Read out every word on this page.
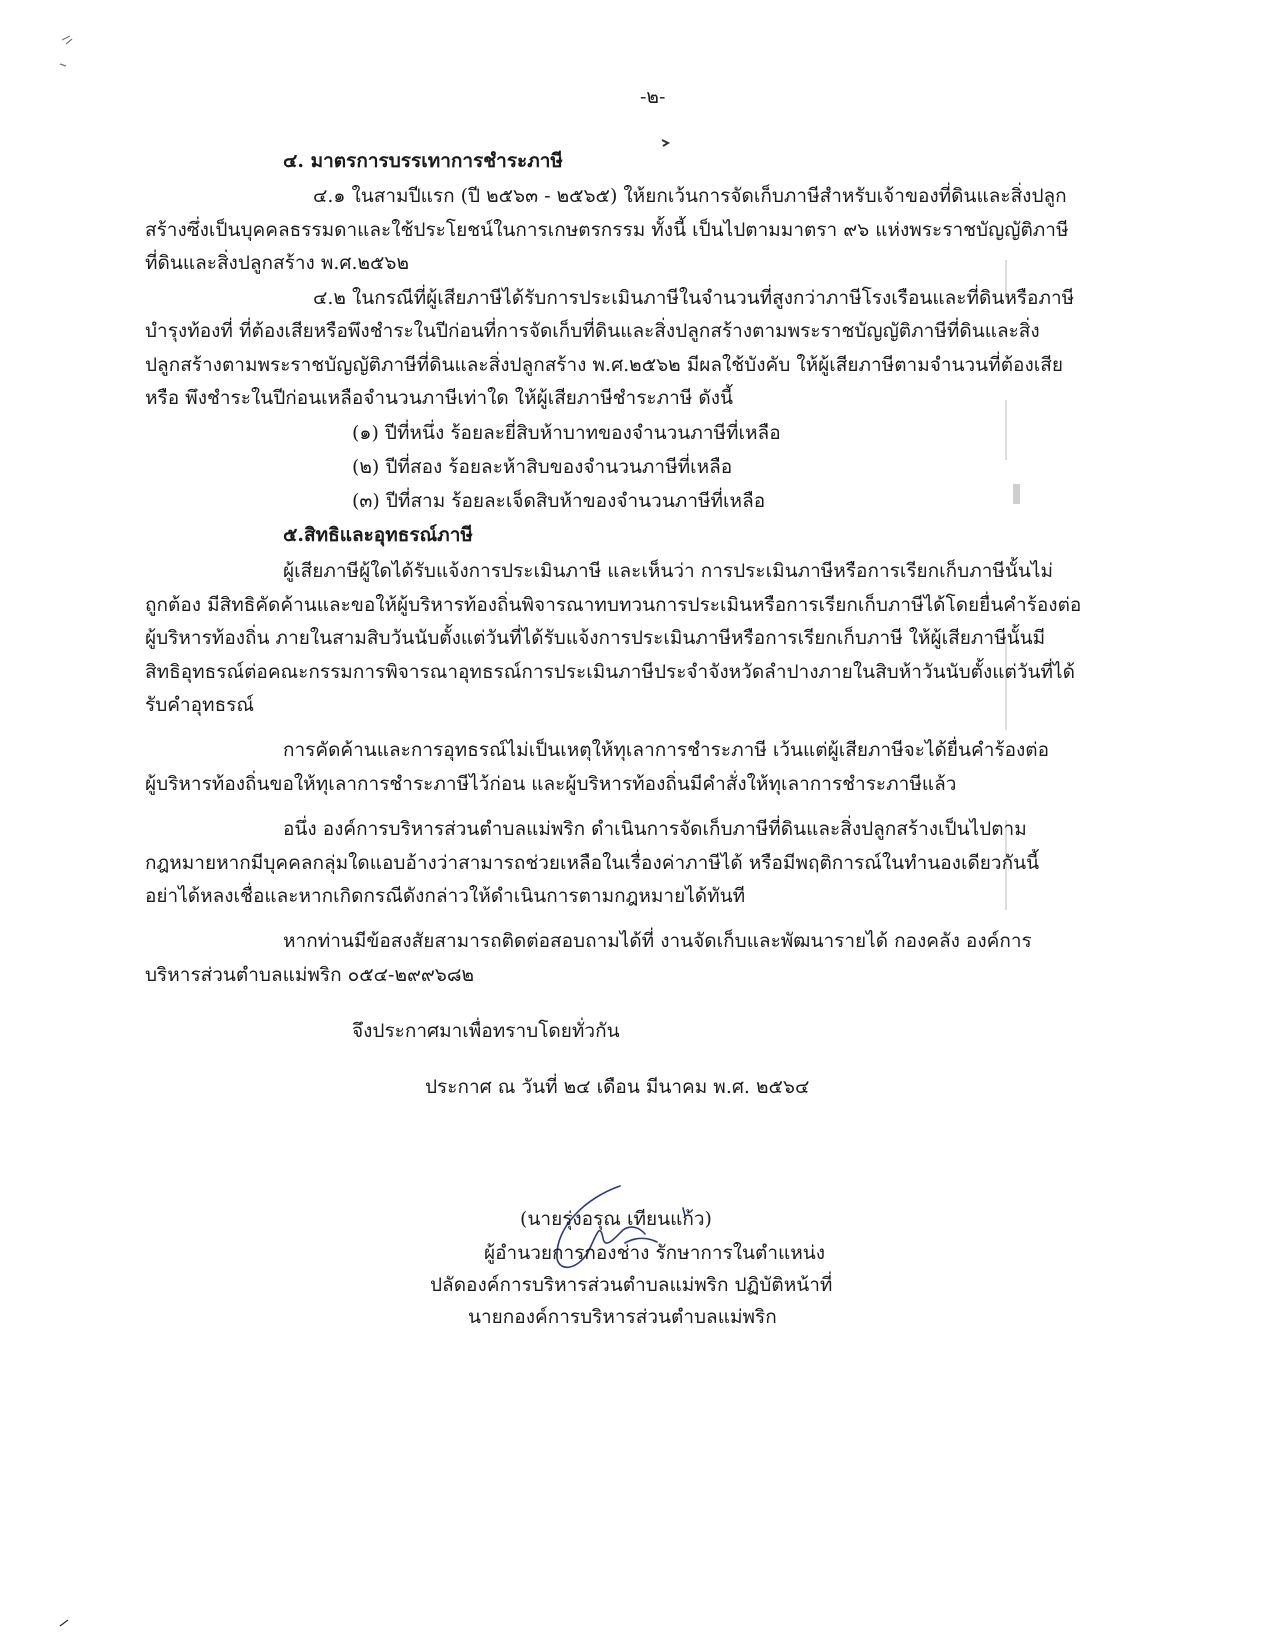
-๒-
๔. มาตรการบรรเทาการชำระภาษี
๔.๑ ในสามปีแรก (ปี ๒๕๖๓ - ๒๕๖๕) ให้ยกเว้นการจัดเก็บภาษีสำหรับเจ้าของที่ดินและสิ่งปลูก
สร้างซึ่งเป็นบุคคลธรรมดาและใช้ประโยชน์ในการเกษตรกรรม ทั้งนี้ เป็นไปตามมาตรา ๙๖ แห่งพระราชบัญญัติภาษี
ที่ดินและสิ่งปลูกสร้าง พ.ศ.๒๕๖๒
๔.๒ ในกรณีที่ผู้เสียภาษีได้รับการประเมินภาษีในจำนวนที่สูงกว่าภาษีโรงเรือนและที่ดินหรือภาษี
บำรุงท้องที่ ที่ต้องเสียหรือพึงชำระในปีก่อนที่การจัดเก็บที่ดินและสิ่งปลูกสร้างตามพระราชบัญญัติภาษีที่ดินและสิ่ง
ปลูกสร้างตามพระราชบัญญัติภาษีที่ดินและสิ่งปลูกสร้าง พ.ศ.๒๕๖๒ มีผลใช้บังคับ ให้ผู้เสียภาษีตามจำนวนที่ต้องเสีย
หรือ พึงชำระในปีก่อนเหลือจำนวนภาษีเท่าใด ให้ผู้เสียภาษีชำระภาษี ดังนี้
(๑) ปีที่หนึ่ง ร้อยละยี่สิบห้าบาทของจำนวนภาษีที่เหลือ
(๒) ปีที่สอง ร้อยละห้าสิบของจำนวนภาษีที่เหลือ
(๓) ปีที่สาม ร้อยละเจ็ดสิบห้าของจำนวนภาษีที่เหลือ
๕.สิทธิและอุทธรณ์ภาษี
ผู้เสียภาษีผู้ใดได้รับแจ้งการประเมินภาษี และเห็นว่า การประเมินภาษีหรือการเรียกเก็บภาษีนั้นไม่
ถูกต้อง มีสิทธิคัดค้านและขอให้ผู้บริหารท้องถิ่นพิจารณาทบทวนการประเมินหรือการเรียกเก็บภาษีได้โดยยื่นคำร้องต่อ
ผู้บริหารท้องถิ่น ภายในสามสิบวันนับตั้งแต่วันที่ได้รับแจ้งการประเมินภาษีหรือการเรียกเก็บภาษี ให้ผู้เสียภาษีนั้นมี
สิทธิอุทธรณ์ต่อคณะกรรมการพิจารณาอุทธรณ์การประเมินภาษีประจำจังหวัดลำปางภายในสิบห้าวันนับตั้งแต่วันที่ได้
รับคำอุทธรณ์
การคัดค้านและการอุทธรณ์ไม่เป็นเหตุให้ทุเลาการชำระภาษี เว้นแต่ผู้เสียภาษีจะได้ยื่นคำร้องต่อ
ผู้บริหารท้องถิ่นขอให้ทุเลาการชำระภาษีไว้ก่อน และผู้บริหารท้องถิ่นมีคำสั่งให้ทุเลาการชำระภาษีแล้ว
อนึ่ง องค์การบริหารส่วนตำบลแม่พริก ดำเนินการจัดเก็บภาษีที่ดินและสิ่งปลูกสร้างเป็นไปตาม
กฎหมายหากมีบุคคลกลุ่มใดแอบอ้างว่าสามารถช่วยเหลือในเรื่องค่าภาษีได้ หรือมีพฤติการณ์ในทำนองเดียวกันนี้
อย่าได้หลงเชื่อและหากเกิดกรณีดังกล่าวให้ดำเนินการตามกฎหมายได้ทันที
หากท่านมีข้อสงสัยสามารถติดต่อสอบถามได้ที่ งานจัดเก็บและพัฒนารายได้ กองคลัง องค์การ
บริหารส่วนตำบลแม่พริก ๐๕๔-๒๙๙๖๘๒
จึงประกาศมาเพื่อทราบโดยทั่วกัน
ประกาศ ณ วันที่ ๒๔ เดือน มีนาคม พ.ศ. ๒๕๖๔
(นายรุ่งอรุณ เทียนแก้ว)
ผู้อำนวยการกองช่าง รักษาการในตำแหน่ง
ปลัดองค์การบริหารส่วนตำบลแม่พริก ปฏิบัติหน้าที่
นายกองค์การบริหารส่วนตำบลแม่พริก
